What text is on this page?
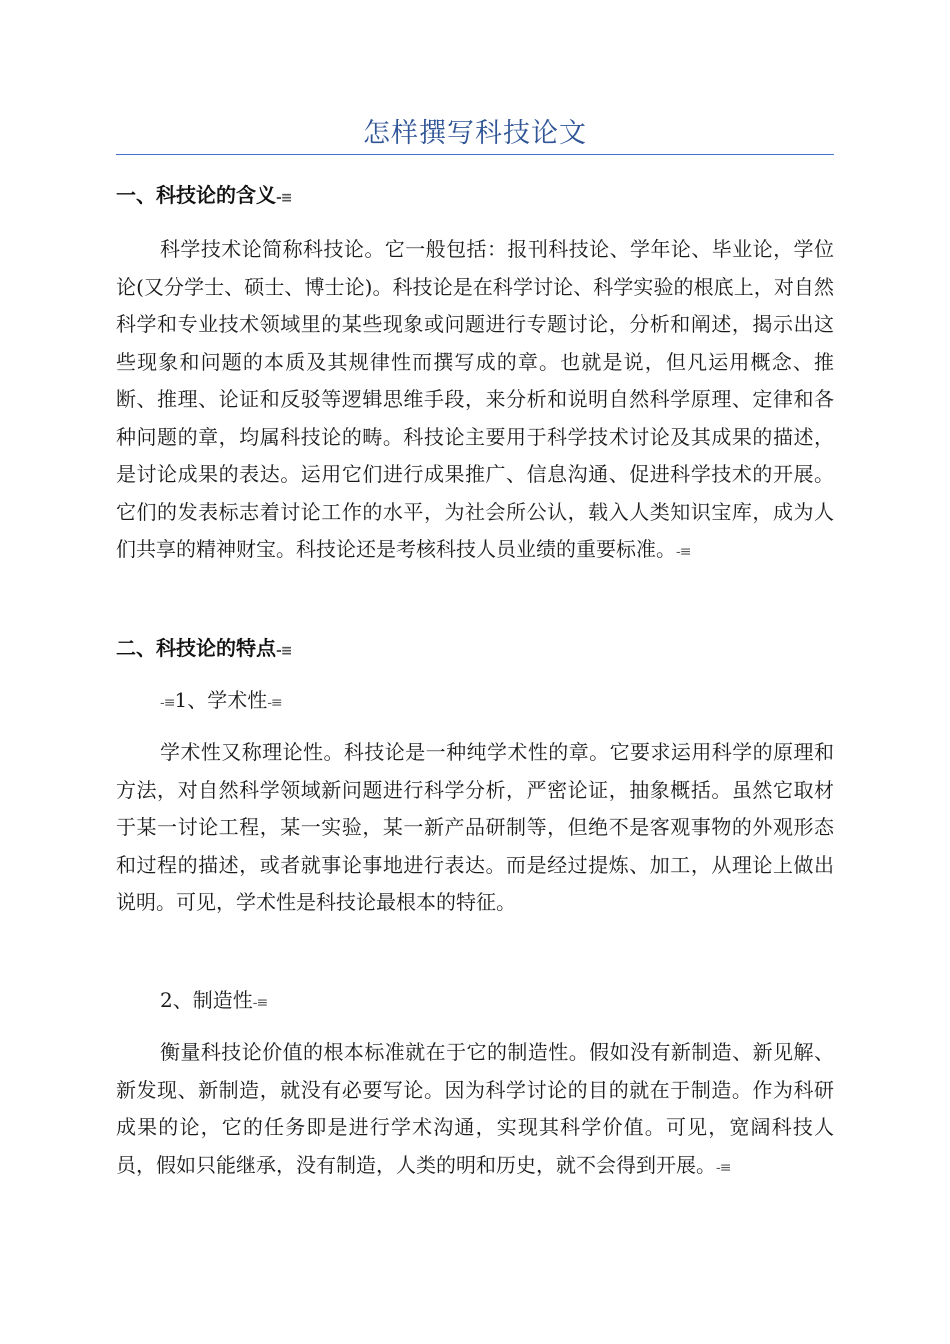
怎样撰写科技论文
一、科技论的含义-≡

科学技术论简称科技论。它一般包括：报刊科技论、学年论、毕业论，学位论(又分学士、硕士、博士论)。科技论是在科学讨论、科学实验的根底上，对自然科学和专业技术领域里的某些现象或问题进行专题讨论，分析和阐述，揭示出这些现象和问题的本质及其规律性而撰写成的章。也就是说，但凡运用概念、推断、推理、论证和反驳等逻辑思维手段，来分析和说明自然科学原理、定律和各种问题的章，均属科技论的畴。科技论主要用于科学技术讨论及其成果的描述，是讨论成果的表达。运用它们进行成果推广、信息沟通、促进科学技术的开展。它们的发表标志着讨论工作的水平，为社会所公认，载入人类知识宝库，成为人们共享的精神财宝。科技论还是考核科技人员业绩的重要标准。-≡

二、科技论的特点-≡
-≡1、学术性-≡

学术性又称理论性。科技论是一种纯学术性的章。它要求运用科学的原理和方法，对自然科学领域新问题进行科学分析，严密论证，抽象概括。虽然它取材于某一讨论工程，某一实验，某一新产品研制等，但绝不是客观事物的外观形态和过程的描述，或者就事论事地进行表达。而是经过提炼、加工，从理论上做出说明。可见，学术性是科技论最根本的特征。

2、制造性-≡

衡量科技论价值的根本标准就在于它的制造性。假如没有新制造、新见解、新发现、新制造，就没有必要写论。因为科学讨论的目的就在于制造。作为科研成果的论，它的任务即是进行学术沟通，实现其科学价值。可见，宽阔科技人员，假如只能继承，没有制造，人类的明和历史，就不会得到开展。-≡
